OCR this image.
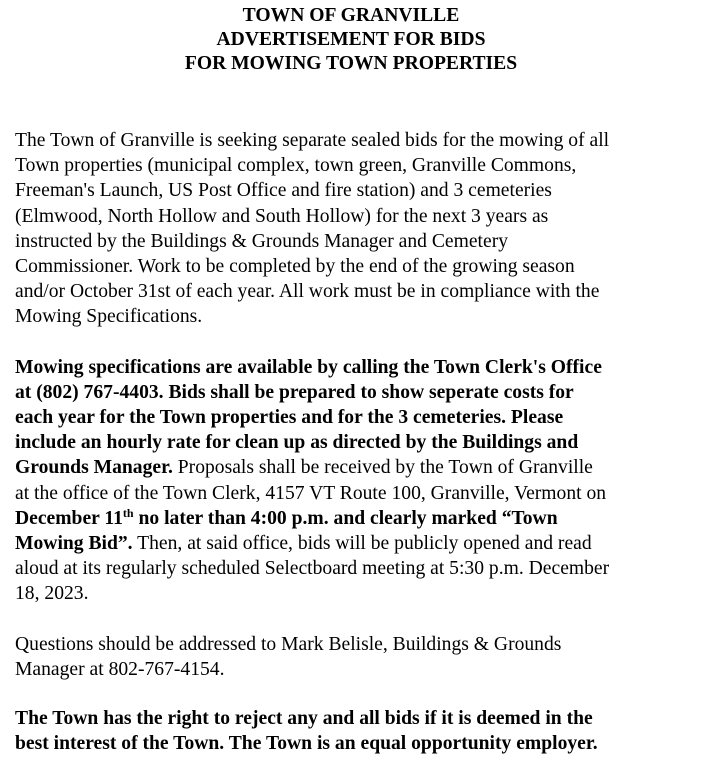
TOWN OF GRANVILLE
ADVERTISEMENT FOR BIDS
FOR MOWING TOWN PROPERTIES

The Town of Granville is seeking separate sealed bids for the mowing of all
Town properties (municipal complex, town green, Granville Commons,
Freeman's Launch, US Post Office and fire station) and 3 cemeteries
(Elmwood, North Hollow and South Hollow) for the next 3 years as
instructed by the Buildings & Grounds Manager and Cemetery
Commissioner. Work to be completed by the end of the growing season
and/or October 31st of each year. All work must be in compliance with the
Mowing Specifications.

Mowing specifications are available by calling the Town Clerk's Office
at (802) 767-4403. Bids shall be prepared to show seperate costs for
each year for the Town properties and for the 3 cemeteries. Please
include an hourly rate for clean up as directed by the Buildings and
Grounds Manager. Proposals shall be received by the Town of Granville
at the office of the Town Clerk, 4157 VT Route 100, Granville, Vermont on
December 11th no later than 4:00 p.m. and clearly marked “Town
Mowing Bid”. Then, at said office, bids will be publicly opened and read
aloud at its regularly scheduled Selectboard meeting at 5:30 p.m. December
18, 2023.

Questions should be addressed to Mark Belisle, Buildings & Grounds
Manager at 802-767-4154.

The Town has the right to reject any and all bids if it is deemed in the
best interest of the Town. The Town is an equal opportunity employer.
